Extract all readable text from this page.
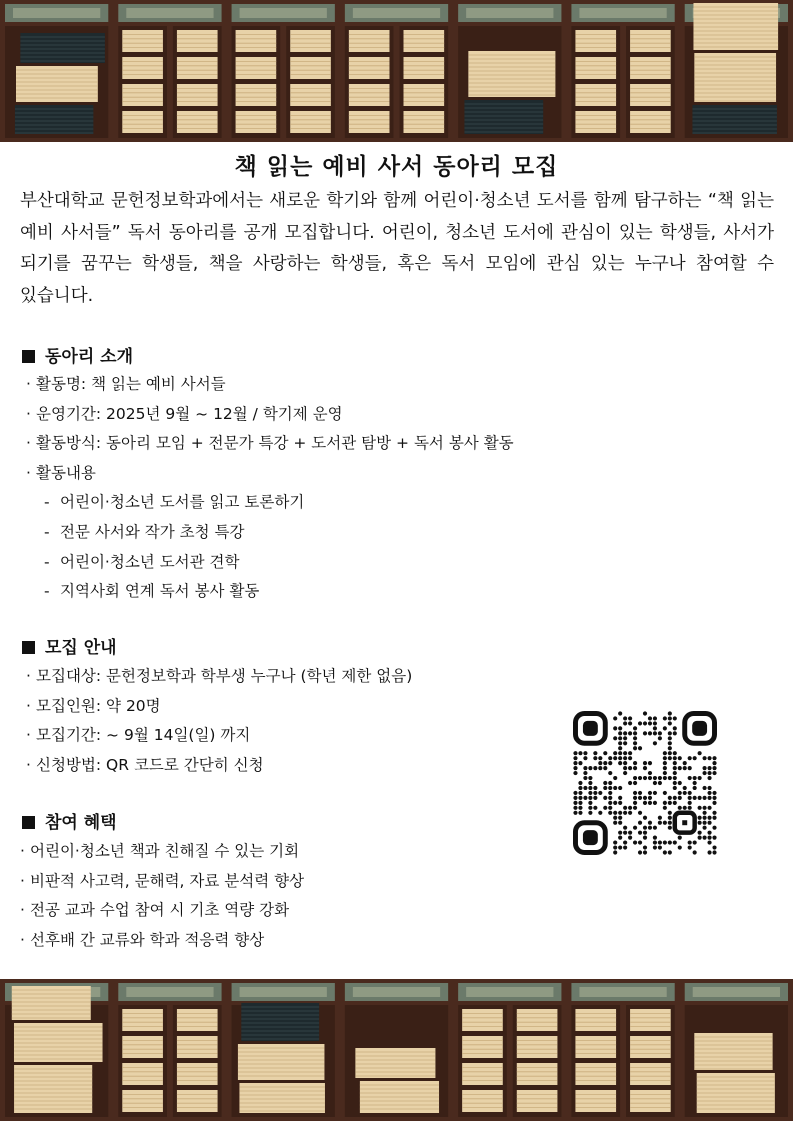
책 읽는 예비 사서 동아리 모집

부산대학교 문헌정보학과에서는 새로운 학기와 함께 어린이·청소년 도서를 함께 탐구하는 “책 읽는 예비 사서들” 독서 동아리를 공개 모집합니다. 어린이, 청소년 도서에 관심이 있는 학생들, 사서가 되기를 꿈꾸는 학생들, 책을 사랑하는 학생들, 혹은 독서 모임에 관심 있는 누구나 참여할 수 있습니다.

동아리 소개
· 활동명: 책 읽는 예비 사서들
· 운영기간: 2025년 9월 ~ 12월 / 학기제 운영
· 활동방식: 동아리 모임 + 전문가 특강 + 도서관 탐방 + 독서 봉사 활동
· 활동내용
- 어린이·청소년 도서를 읽고 토론하기
- 전문 사서와 작가 초청 특강
- 어린이·청소년 도서관 견학
- 지역사회 연계 독서 봉사 활동
모집 안내
· 모집대상: 문헌정보학과 학부생 누구나 (학년 제한 없음)
· 모집인원: 약 20명
· 모집기간: ~ 9월 14일(일) 까지
· 신청방법: QR 코드로 간단히 신청
참여 혜택
· 어린이·청소년 책과 친해질 수 있는 기회
· 비판적 사고력, 문해력, 자료 분석력 향상
· 전공 교과 수업 참여 시 기초 역량 강화
· 선후배 간 교류와 학과 적응력 향상
